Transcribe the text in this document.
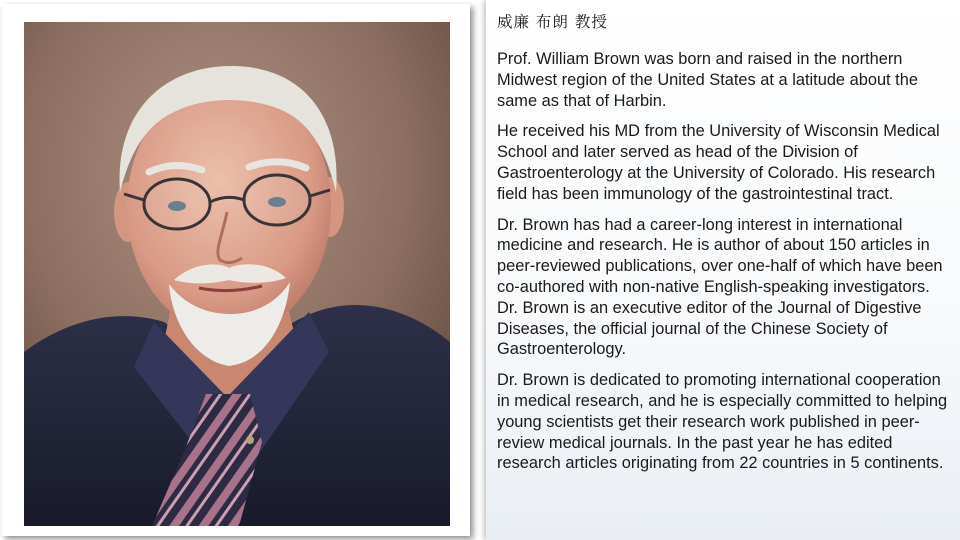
威廉 布朗 教授

Prof. William Brown was born and raised in the northern Midwest region of the United States at a latitude about the same as that of Harbin.

He received his MD from the University of Wisconsin Medical School and later served as head of the Division of Gastroenterology at the University of Colorado. His research field has been immunology of the gastrointestinal tract.

Dr. Brown has had a career-long interest in international medicine and research. He is author of about 150 articles in peer-reviewed publications, over one-half of which have been co-authored with non-native English-speaking investigators. Dr. Brown is an executive editor of the Journal of Digestive Diseases, the official journal of the Chinese Society of Gastroenterology.

Dr. Brown is dedicated to promoting international cooperation in medical research, and he is especially committed to helping young scientists get their research work published in peer-review medical journals. In the past year he has edited research articles originating from 22 countries in 5 continents.
